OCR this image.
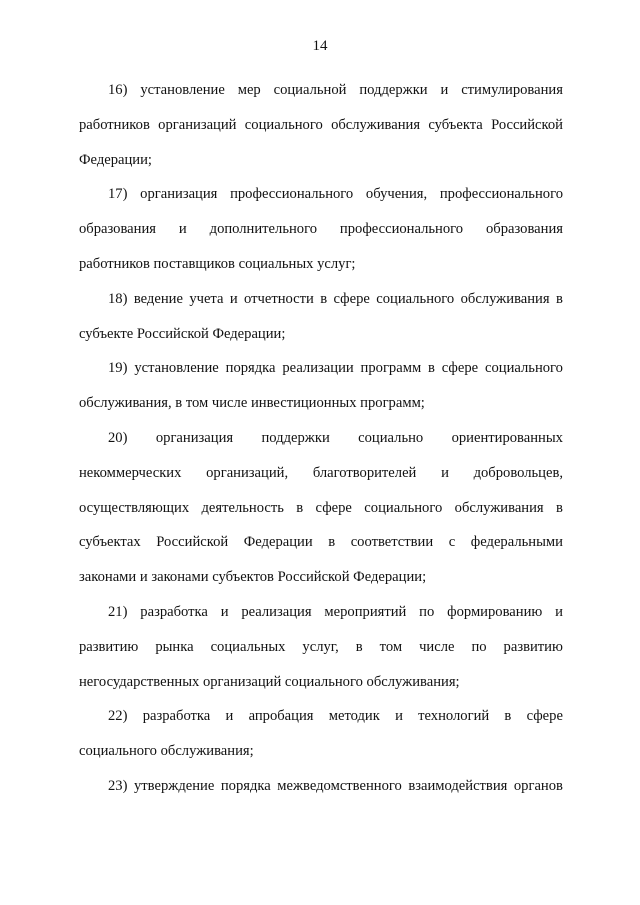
14
16) установление мер социальной поддержки и стимулирования
работников организаций социального обслуживания субъекта Российской
Федерации;
17) организация профессионального обучения, профессионального
образования и дополнительного профессионального образования
работников поставщиков социальных услуг;
18) ведение учета и отчетности в сфере социального обслуживания в
субъекте Российской Федерации;
19) установление порядка реализации программ в сфере социального
обслуживания, в том числе инвестиционных программ;
20) организация поддержки социально ориентированных
некоммерческих организаций, благотворителей и добровольцев,
осуществляющих деятельность в сфере социального обслуживания в
субъектах Российской Федерации в соответствии с федеральными
законами и законами субъектов Российской Федерации;
21) разработка и реализация мероприятий по формированию и
развитию рынка социальных услуг, в том числе по развитию
негосударственных организаций социального обслуживания;
22) разработка и апробация методик и технологий в сфере
социального обслуживания;
23) утверждение порядка межведомственного взаимодействия органов
